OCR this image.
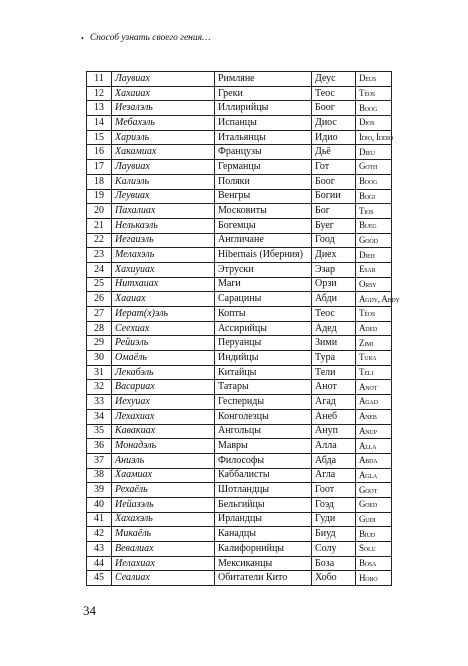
• Способ узнать своего гения…
11	Лаувиах	Римляне	Деус	Deus
12	Хахаиах	Греки	Теос	Téos
13	Иезалэль	Иллирийцы	Боог	Boog
14	Мебахэль	Испанцы	Диос	Dios
15	Хариэль	Итальянцы	Идио	Idio, Iddio
16	Хакамиах	Французы	Дьё	Dieu
17	Лаувиах	Германцы	Гот	Goth
18	Калиэль	Поляки	Боог	Boog
19	Леувиах	Венгры	Богии	Bogi
20	Пахалиах	Московиты	Бог	Tios
21	Нелькаэль	Богемцы	Буег	Bueg
22	Иегаиэль	Англичане	Гоод	Good
23	Мелахэль	Hibernais (Иберния)	Диех	Dieh
24	Хахиуиах	Этруски	Эзар	Esar
25	Нитхаиах	Маги	Орзи	Orsy
26	Хааиах	Сарацины	Абди	Agdy, Abdy
27	Иерат(х)эль	Копты	Теос	Téos
28	Сеехиах	Ассирийцы	Адед	Aded
29	Рейиэль	Перуанцы	Зими	Zimi
30	Омаёль	Индийцы	Тура	Tura
31	Лекабэль	Китайцы	Тели	Teli
32	Васариах	Татары	Анот	Anot
33	Иехуиах	Геспериды	Агад	Agad
34	Лехахиах	Конголезцы	Анеб	Aneb
35	Кавакиах	Ангольцы	Ануп	Anup
36	Монадэль	Мавры	Алла	Alla
37	Аниэль	Философы	Абда	Abda
38	Хаамиах	Каббалисты	Агла	Agla
39	Рехаёль	Шотландцы	Гоот	Goot
40	Иейазэль	Бельгийцы	Гоэд	Goed
41	Хахахэль	Ирландцы	Гуди	Gudi
42	Микаёль	Канадцы	Биуд	Biud
43	Вевалиах	Калифорнийцы	Солу	Solu
44	Иелахиах	Мексиканцы	Боза	Bosa
45	Сеалиах	Обитатели Кито	Хобо	Hobo
34
